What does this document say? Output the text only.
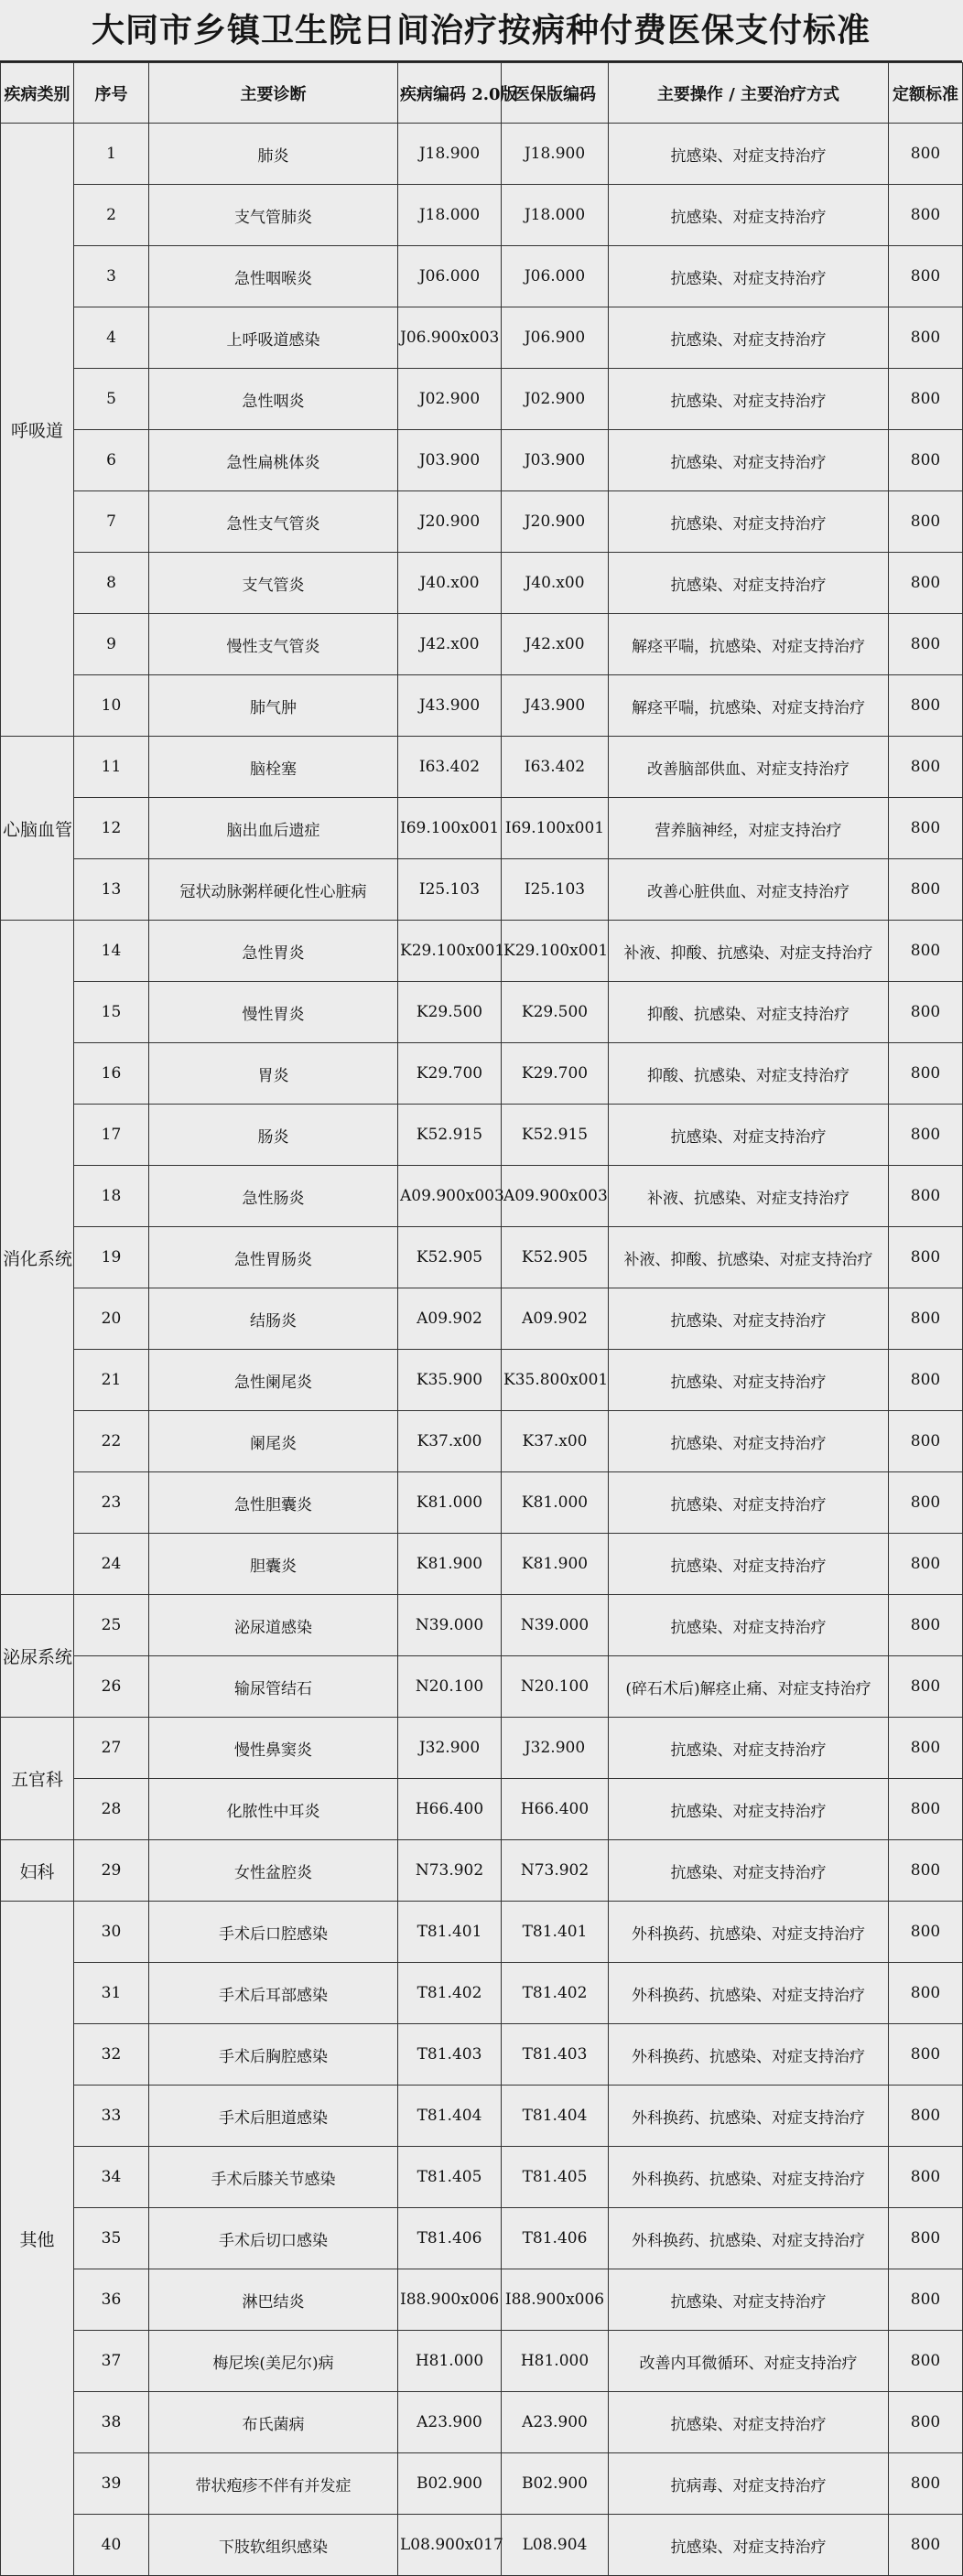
大同市乡镇卫生院日间治疗按病种付费医保支付标准
疾病类别	序号	主要诊断	疾病编码 2.0版	医保版编码	主要操作 / 主要治疗方式	定额标准
呼吸道	1	肺炎	J18.900	J18.900	抗感染、对症支持治疗	800
	2	支气管肺炎	J18.000	J18.000	抗感染、对症支持治疗	800
	3	急性咽喉炎	J06.000	J06.000	抗感染、对症支持治疗	800
	4	上呼吸道感染	J06.900x003	J06.900	抗感染、对症支持治疗	800
	5	急性咽炎	J02.900	J02.900	抗感染、对症支持治疗	800
	6	急性扁桃体炎	J03.900	J03.900	抗感染、对症支持治疗	800
	7	急性支气管炎	J20.900	J20.900	抗感染、对症支持治疗	800
	8	支气管炎	J40.x00	J40.x00	抗感染、对症支持治疗	800
	9	慢性支气管炎	J42.x00	J42.x00	解痉平喘，抗感染、对症支持治疗	800
	10	肺气肿	J43.900	J43.900	解痉平喘，抗感染、对症支持治疗	800
心脑血管	11	脑栓塞	I63.402	I63.402	改善脑部供血、对症支持治疗	800
	12	脑出血后遗症	I69.100x001	I69.100x001	营养脑神经，对症支持治疗	800
	13	冠状动脉粥样硬化性心脏病	I25.103	I25.103	改善心脏供血、对症支持治疗	800
消化系统	14	急性胃炎	K29.100x001	K29.100x001	补液、抑酸、抗感染、对症支持治疗	800
	15	慢性胃炎	K29.500	K29.500	抑酸、抗感染、对症支持治疗	800
	16	胃炎	K29.700	K29.700	抑酸、抗感染、对症支持治疗	800
	17	肠炎	K52.915	K52.915	抗感染、对症支持治疗	800
	18	急性肠炎	A09.900x003	A09.900x003	补液、抗感染、对症支持治疗	800
	19	急性胃肠炎	K52.905	K52.905	补液、抑酸、抗感染、对症支持治疗	800
	20	结肠炎	A09.902	A09.902	抗感染、对症支持治疗	800
	21	急性阑尾炎	K35.900	K35.800x001	抗感染、对症支持治疗	800
	22	阑尾炎	K37.x00	K37.x00	抗感染、对症支持治疗	800
	23	急性胆囊炎	K81.000	K81.000	抗感染、对症支持治疗	800
	24	胆囊炎	K81.900	K81.900	抗感染、对症支持治疗	800
泌尿系统	25	泌尿道感染	N39.000	N39.000	抗感染、对症支持治疗	800
	26	输尿管结石	N20.100	N20.100	(碎石术后)解痉止痛、对症支持治疗	800
五官科	27	慢性鼻窦炎	J32.900	J32.900	抗感染、对症支持治疗	800
	28	化脓性中耳炎	H66.400	H66.400	抗感染、对症支持治疗	800
妇科	29	女性盆腔炎	N73.902	N73.902	抗感染、对症支持治疗	800
其他	30	手术后口腔感染	T81.401	T81.401	外科换药、抗感染、对症支持治疗	800
	31	手术后耳部感染	T81.402	T81.402	外科换药、抗感染、对症支持治疗	800
	32	手术后胸腔感染	T81.403	T81.403	外科换药、抗感染、对症支持治疗	800
	33	手术后胆道感染	T81.404	T81.404	外科换药、抗感染、对症支持治疗	800
	34	手术后膝关节感染	T81.405	T81.405	外科换药、抗感染、对症支持治疗	800
	35	手术后切口感染	T81.406	T81.406	外科换药、抗感染、对症支持治疗	800
	36	淋巴结炎	I88.900x006	I88.900x006	抗感染、对症支持治疗	800
	37	梅尼埃(美尼尔)病	H81.000	H81.000	改善内耳微循环、对症支持治疗	800
	38	布氏菌病	A23.900	A23.900	抗感染、对症支持治疗	800
	39	带状疱疹不伴有并发症	B02.900	B02.900	抗病毒、对症支持治疗	800
	40	下肢软组织感染	L08.900x017	L08.904	抗感染、对症支持治疗	800
